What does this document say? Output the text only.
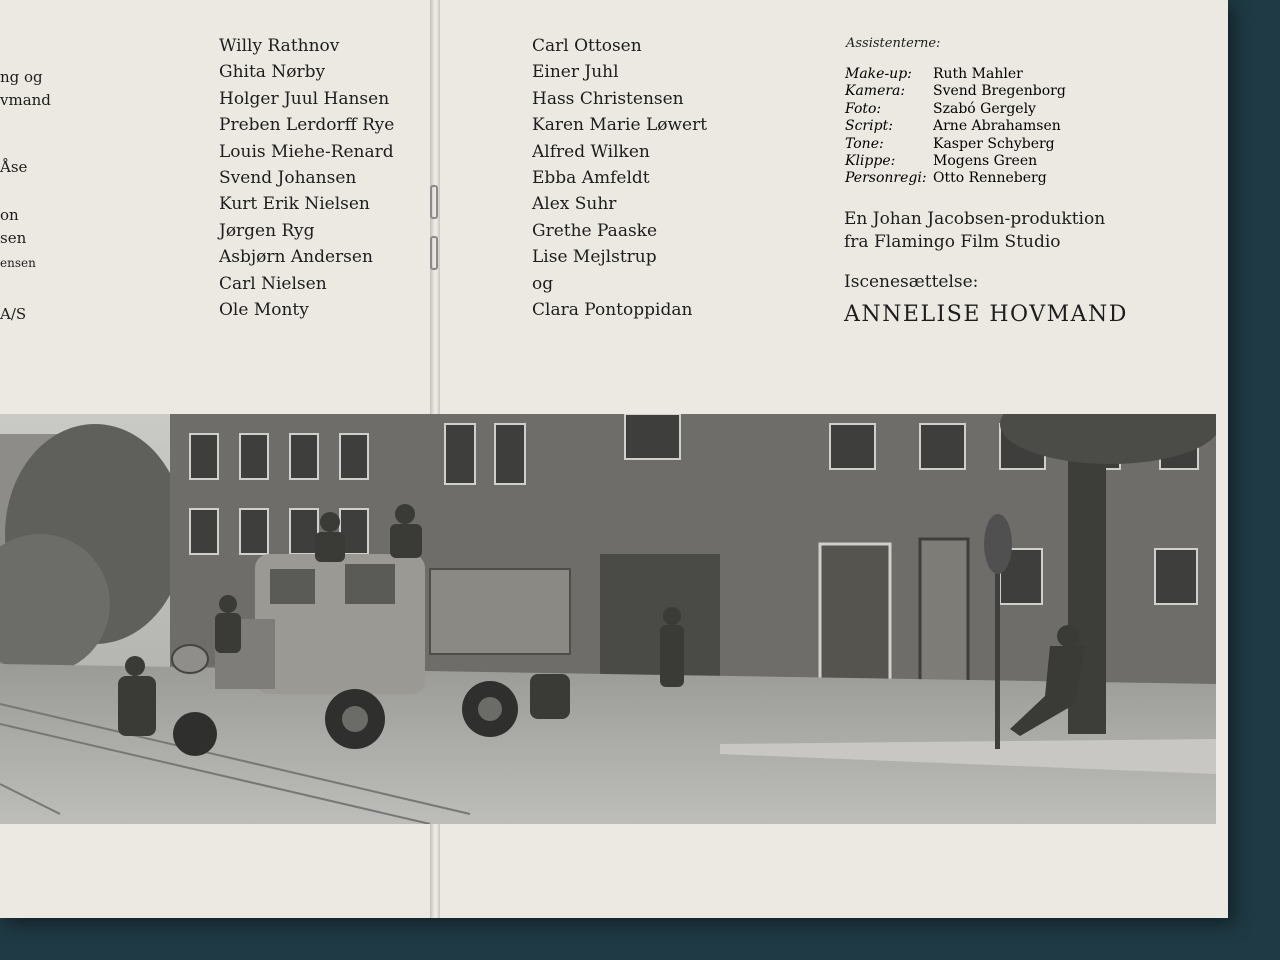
ng og
vmand
Åse
on
sen
ensen
A/S
Willy Rathnov
Ghita Nørby
Holger Juul Hansen
Preben Lerdorff Rye
Louis Miehe-Renard
Svend Johansen
Kurt Erik Nielsen
Jørgen Ryg
Asbjørn Andersen
Carl Nielsen
Ole Monty
Carl Ottosen
Einer Juhl
Hass Christensen
Karen Marie Løwert
Alfred Wilken
Ebba Amfeldt
Alex Suhr
Grethe Paaske
Lise Mejlstrup
og
Clara Pontoppidan
Assistenterne:
Make-up:	Ruth Mahler
Kamera:	Svend Bregenborg
Foto:	Szabó Gergely
Script:	Arne Abrahamsen
Tone:	Kasper Schyberg
Klippe:	Mogens Green
Personregi: Otto Renneberg
En Johan Jacobsen-produktion
fra Flamingo Film Studio
Iscenesættelse:
ANNELISE HOVMAND
